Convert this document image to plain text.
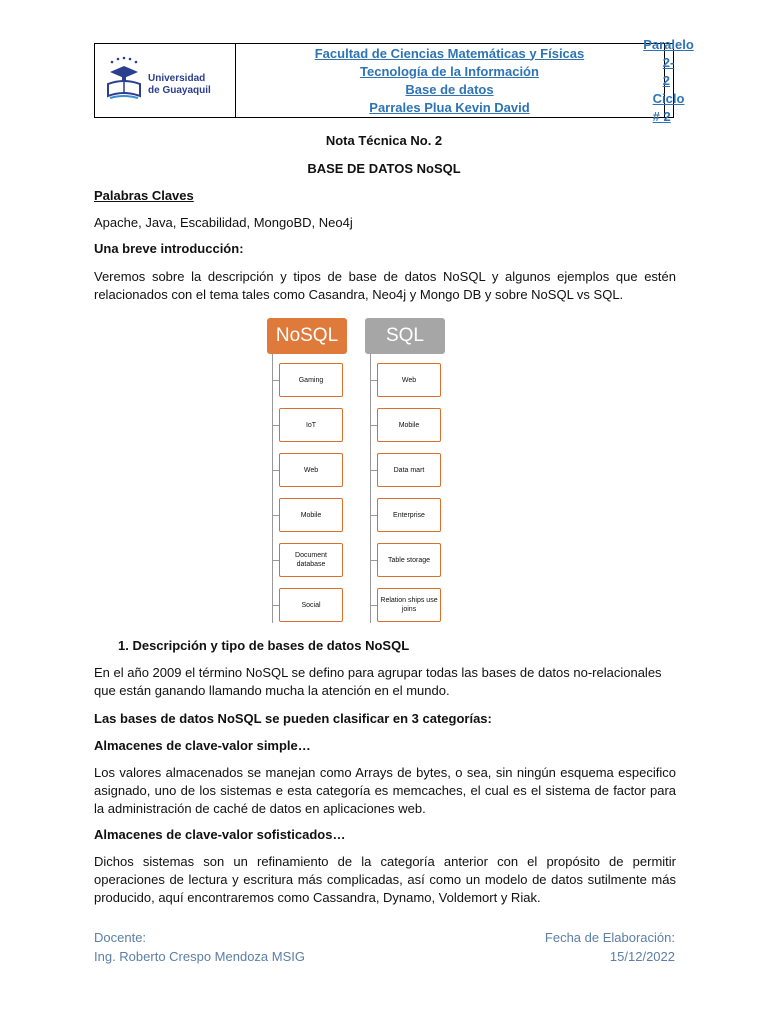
Universidad
de Guayaquil
Facultad de Ciencias Matemáticas y Físicas
Tecnología de la Información
Base de datos
Parrales Plua Kevin David
Paralelo
2-2
Ciclo # 2
Nota Técnica No. 2
BASE DE DATOS NoSQL
Palabras Claves
Apache, Java, Escabilidad, MongoBD, Neo4j
Una breve introducción:
Veremos sobre la descripción y tipos de base de datos NoSQL y algunos ejemplos que estén relacionados con el tema tales como Casandra, Neo4j y Mongo DB y sobre NoSQL vs SQL.
NoSQL	SQL
Gaming
IoT
Web
Mobile
Document database
Social
Web
Mobile
Data mart
Enterprise
Table storage
Relation ships use joins
1. Descripción y tipo de bases de datos NoSQL
En el año 2009 el término NoSQL se defino para agrupar todas las bases de datos no-relacionales que están ganando llamando mucha la atención en el mundo.
Las bases de datos NoSQL se pueden clasificar en 3 categorías:
Almacenes de clave-valor simple…
Los valores almacenados se manejan como Arrays de bytes, o sea, sin ningún esquema especifico asignado, uno de los sistemas e esta categoría es memcaches, el cual es el sistema de factor para la administración de caché de datos en aplicaciones web.
Almacenes de clave-valor sofisticados…
Dichos sistemas son un refinamiento de la categoría anterior con el propósito de permitir operaciones de lectura y escritura más complicadas, así como un modelo de datos sutilmente más producido, aquí encontraremos como Cassandra, Dynamo, Voldemort y Riak.
Docente:
Ing. Roberto Crespo Mendoza MSIG
Fecha de Elaboración:
15/12/2022
